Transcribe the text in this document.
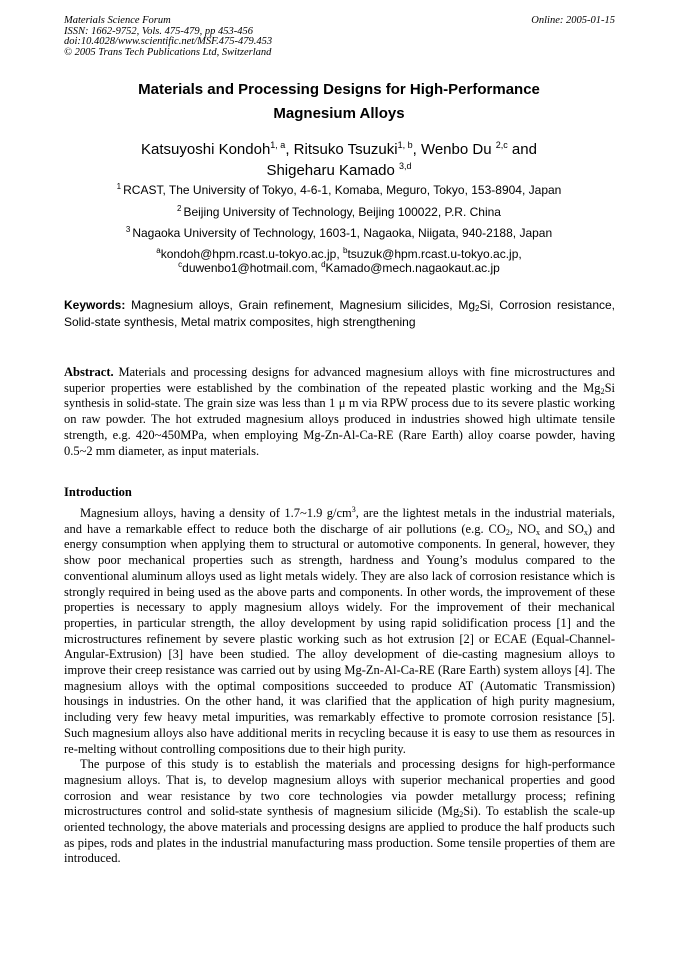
Materials Science Forum
ISSN: 1662-9752, Vols. 475-479, pp 453-456
doi:10.4028/www.scientific.net/MSF.475-479.453
© 2005 Trans Tech Publications Ltd, Switzerland
Online: 2005-01-15
Materials and Processing Designs for High-Performance
Magnesium Alloys
Katsuyoshi Kondoh$^{1, a}$, Ritsuko Tsuzuki$^{1, b}$, Wenbo Du $^{2,c}$ and
Shigeharu Kamado $^{3,d}$
$^1$ RCAST, The University of Tokyo, 4-6-1, Komaba, Meguro, Tokyo, 153-8904, Japan
$^2$ Beijing University of Technology, Beijing 100022, P.R. China
$^3$ Nagaoka University of Technology, 1603-1, Nagaoka, Niigata, 940-2188, Japan
$^a$kondoh@hpm.rcast.u-tokyo.ac.jp, $^b$tsuzuk@hpm.rcast.u-tokyo.ac.jp,
$^c$duwenbo1@hotmail.com, $^d$Kamado@mech.nagaokaut.ac.jp
Keywords: Magnesium alloys, Grain refinement, Magnesium silicides, $Mg_2Si$, Corrosion resistance, Solid-state synthesis, Metal matrix composites, high strengthening

Abstract. Materials and processing designs for advanced magnesium alloys with fine microstructures and superior properties were established by the combination of the repeated plastic working and the $Mg_2Si$ synthesis in solid-state. The grain size was less than 1 μ m via RPW process due to its severe plastic working on raw powder. The hot extruded magnesium alloys produced in industries showed high ultimate tensile strength, e.g. 420~450MPa, when employing Mg-Zn-Al-Ca-RE (Rare Earth) alloy coarse powder, having 0.5~2 mm diameter, as input materials.

Introduction

Magnesium alloys, having a density of 1.7~1.9 $g/cm^3$, are the lightest metals in the industrial materials, and have a remarkable effect to reduce both the discharge of air pollutions (e.g. $CO_2$, $NO_x$ and $SO_x$) and energy consumption when applying them to structural or automotive components. In general, however, they show poor mechanical properties such as strength, hardness and Young’s modulus compared to the conventional aluminum alloys used as light metals widely. They are also lack of corrosion resistance which is strongly required in being used as the above parts and components. In other words, the improvement of these properties is necessary to apply magnesium alloys widely. For the improvement of their mechanical properties, in particular strength, the alloy development by using rapid solidification process [1] and the microstructures refinement by severe plastic working such as hot extrusion [2] or ECAE (Equal-Channel-Angular-Extrusion) [3] have been studied. The alloy development of die-casting magnesium alloys to improve their creep resistance was carried out by using Mg-Zn-Al-Ca-RE (Rare Earth) system alloys [4]. The magnesium alloys with the optimal compositions succeeded to produce AT (Automatic Transmission) housings in industries. On the other hand, it was clarified that the application of high purity magnesium, including very few heavy metal impurities, was remarkably effective to promote corrosion resistance [5]. Such magnesium alloys also have additional merits in recycling because it is easy to use them as resources in re-melting without controlling compositions due to their high purity.

The purpose of this study is to establish the materials and processing designs for high-performance magnesium alloys. That is, to develop magnesium alloys with superior mechanical properties and good corrosion and wear resistance by two core technologies via powder metallurgy process; refining microstructures control and solid-state synthesis of magnesium silicide $(Mg_2Si)$. To establish the scale-up oriented technology, the above materials and processing designs are applied to produce the half products such as pipes, rods and plates in the industrial manufacturing mass production. Some tensile properties of them are introduced.
